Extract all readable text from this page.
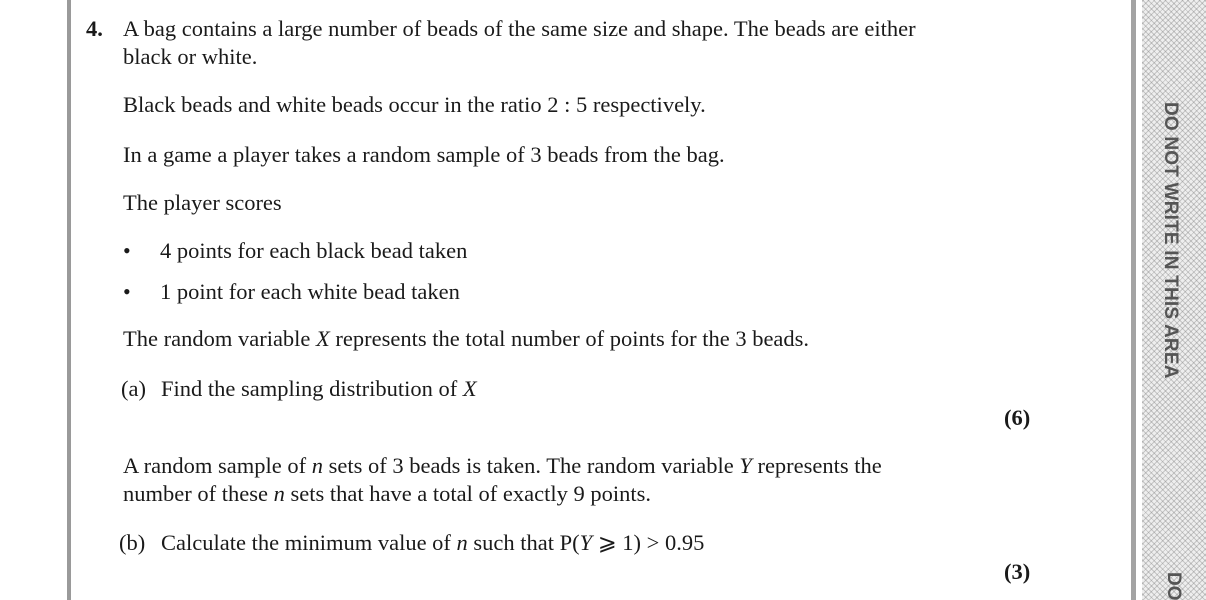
DO NOT WRITE IN THIS AREA
DO
4. A bag contains a large number of beads of the same size and shape. The beads are either
black or white.
Black beads and white beads occur in the ratio 2 : 5 respectively.
In a game a player takes a random sample of 3 beads from the bag.
The player scores
• 4 points for each black bead taken
• 1 point for each white bead taken
The random variable X represents the total number of points for the 3 beads.
(a) Find the sampling distribution of X
(6)
A random sample of n sets of 3 beads is taken. The random variable Y represents the
number of these n sets that have a total of exactly 9 points.
(b) Calculate the minimum value of n such that P(Y ⩾ 1) > 0.95
(3)
